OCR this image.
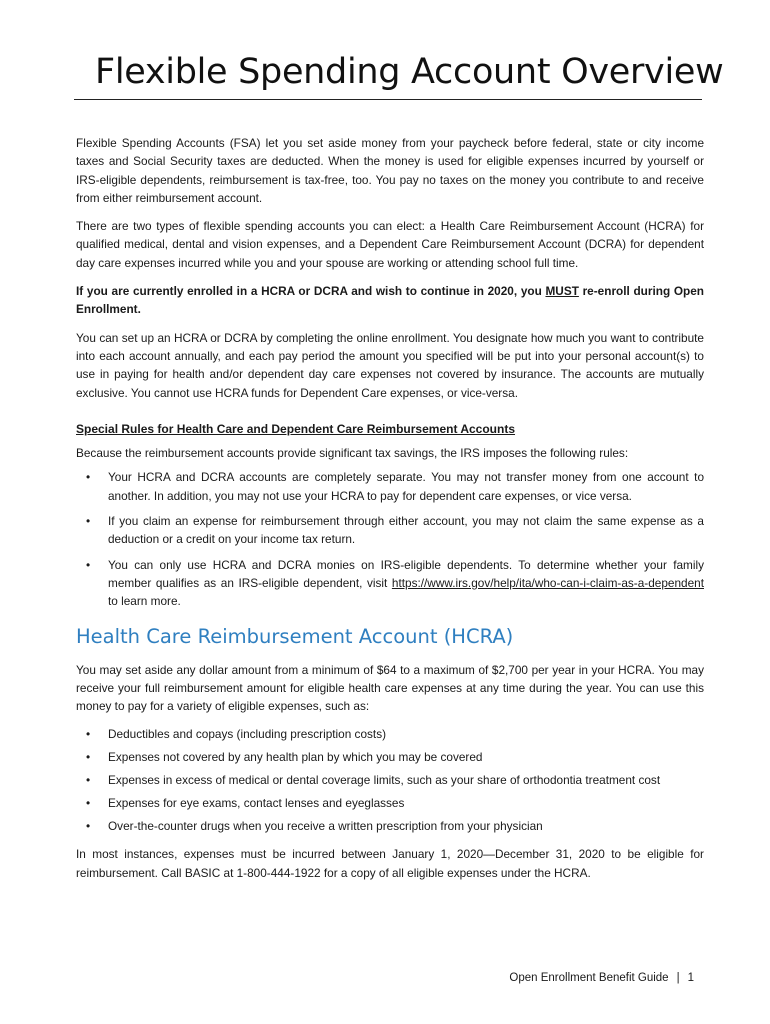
Flexible Spending Account Overview

Flexible Spending Accounts (FSA) let you set aside money from your paycheck before federal, state or city income taxes and Social Security taxes are deducted. When the money is used for eligible expenses incurred by yourself or IRS-eligible dependents, reimbursement is tax-free, too. You pay no taxes on the money you contribute to and receive from either reimbursement account.

There are two types of flexible spending accounts you can elect: a Health Care Reimbursement Account (HCRA) for qualified medical, dental and vision expenses, and a Dependent Care Reimbursement Account (DCRA) for dependent day care expenses incurred while you and your spouse are working or attending school full time.

If you are currently enrolled in a HCRA or DCRA and wish to continue in 2020, you MUST re-enroll during Open Enrollment.

You can set up an HCRA or DCRA by completing the online enrollment. You designate how much you want to contribute into each account annually, and each pay period the amount you specified will be put into your personal account(s) to use in paying for health and/or dependent day care expenses not covered by insurance. The accounts are mutually exclusive. You cannot use HCRA funds for Dependent Care expenses, or vice-versa.

Special Rules for Health Care and Dependent Care Reimbursement Accounts

Because the reimbursement accounts provide significant tax savings, the IRS imposes the following rules:

• Your HCRA and DCRA accounts are completely separate. You may not transfer money from one account to another. In addition, you may not use your HCRA to pay for dependent care expenses, or vice versa.
• If you claim an expense for reimbursement through either account, you may not claim the same expense as a deduction or a credit on your income tax return.
• You can only use HCRA and DCRA monies on IRS-eligible dependents. To determine whether your family member qualifies as an IRS-eligible dependent, visit https://www.irs.gov/help/ita/who-can-i-claim-as-a-dependent to learn more.
Health Care Reimbursement Account (HCRA)

You may set aside any dollar amount from a minimum of $64 to a maximum of $2,700 per year in your HCRA. You may receive your full reimbursement amount for eligible health care expenses at any time during the year. You can use this money to pay for a variety of eligible expenses, such as:

• Deductibles and copays (including prescription costs)
• Expenses not covered by any health plan by which you may be covered
• Expenses in excess of medical or dental coverage limits, such as your share of orthodontia treatment cost
• Expenses for eye exams, contact lenses and eyeglasses
• Over-the-counter drugs when you receive a written prescription from your physician

In most instances, expenses must be incurred between January 1, 2020—December 31, 2020 to be eligible for reimbursement. Call BASIC at 1-800-444-1922 for a copy of all eligible expenses under the HCRA.

Open Enrollment Benefit Guide | 1
